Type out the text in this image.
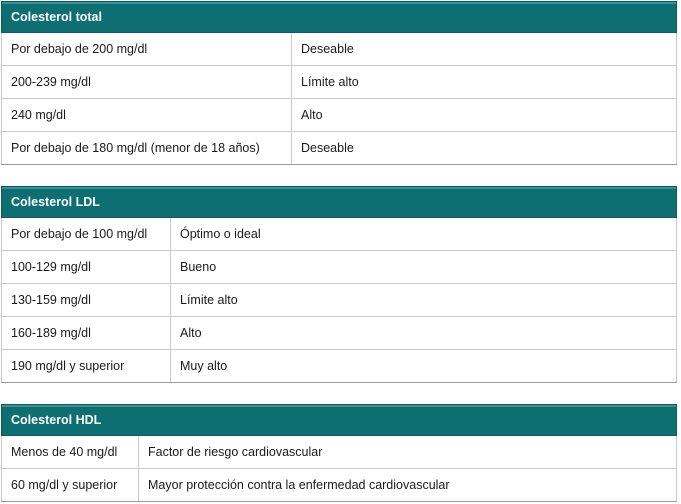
Colesterol total	
Por debajo de 200 mg/dl	Deseable
200-239 mg/dl	Límite alto
240 mg/dl	Alto
Por debajo de 180 mg/dl (menor de 18 años)	Deseable
Colesterol LDL	
Por debajo de 100 mg/dl	Óptimo o ideal
100-129 mg/dl	Bueno
130-159 mg/dl	Límite alto
160-189 mg/dl	Alto
190 mg/dl y superior	Muy alto
Colesterol HDL	
Menos de 40 mg/dl	Factor de riesgo cardiovascular
60 mg/dl y superior	Mayor protección contra la enfermedad cardiovascular
